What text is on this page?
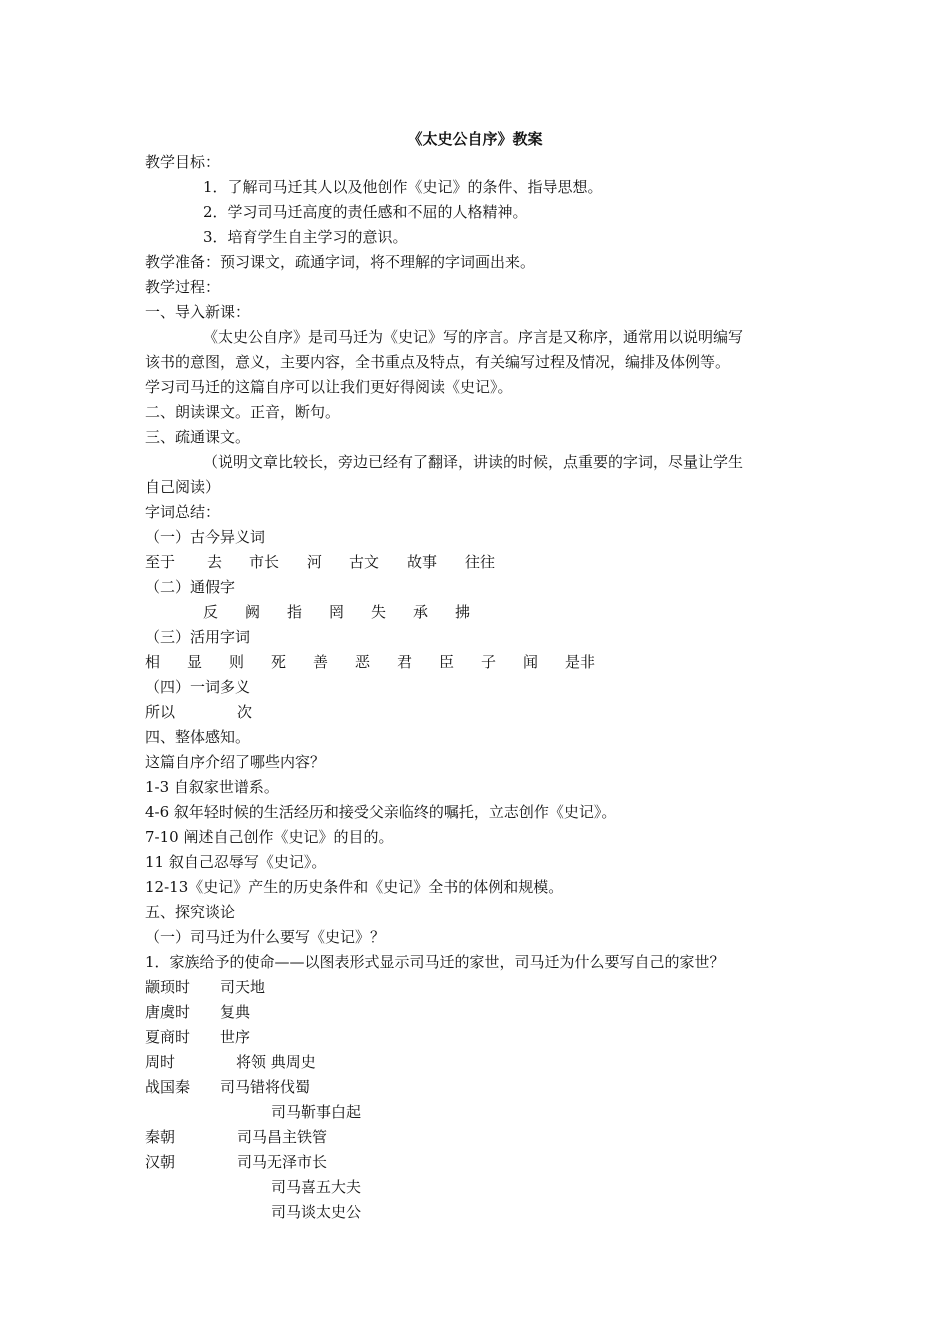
《太史公自序》教案
教学目标：
1．了解司马迁其人以及他创作《史记》的条件、指导思想。
2．学习司马迁高度的责任感和不屈的人格精神。
3．培育学生自主学习的意识。
教学准备：预习课文，疏通字词，将不理解的字词画出来。
教学过程：
一、导入新课：
《太史公自序》是司马迁为《史记》写的序言。序言是又称序，通常用以说明编写
该书的意图，意义，主要内容，全书重点及特点，有关编写过程及情况，编排及体例等。
学习司马迁的这篇自序可以让我们更好得阅读《史记》。
二、朗读课文。正音，断句。
三、疏通课文。
（说明文章比较长，旁边已经有了翻译，讲读的时候，点重要的字词，尽量让学生
自己阅读）
字词总结：
（一）古今异义词
至于 去 市长 河 古文 故事 往往
（二）通假字
反 阙 指 罔 失 承 拂
（三）活用字词
相 显 则 死 善 恶 君 臣 子 闻 是非
（四）一词多义
所以	次
四、整体感知。
这篇自序介绍了哪些内容？
1-3 自叙家世谱系。
4-6 叙年轻时候的生活经历和接受父亲临终的嘱托，立志创作《史记》。
7-10 阐述自己创作《史记》的目的。
11 叙自己忍辱写《史记》。
12-13《史记》产生的历史条件和《史记》全书的体例和规模。
五、探究谈论
（一）司马迁为什么要写《史记》？
1．家族给予的使命——以图表形式显示司马迁的家世，司马迁为什么要写自己的家世？
颛顼时 司天地
唐虞时 复典
夏商时 世序
周时	将领 典周史
战国秦 司马错将伐蜀
司马靳事白起
秦朝	司马昌主铁管
汉朝	司马无泽市长
司马喜五大夫
司马谈太史公
